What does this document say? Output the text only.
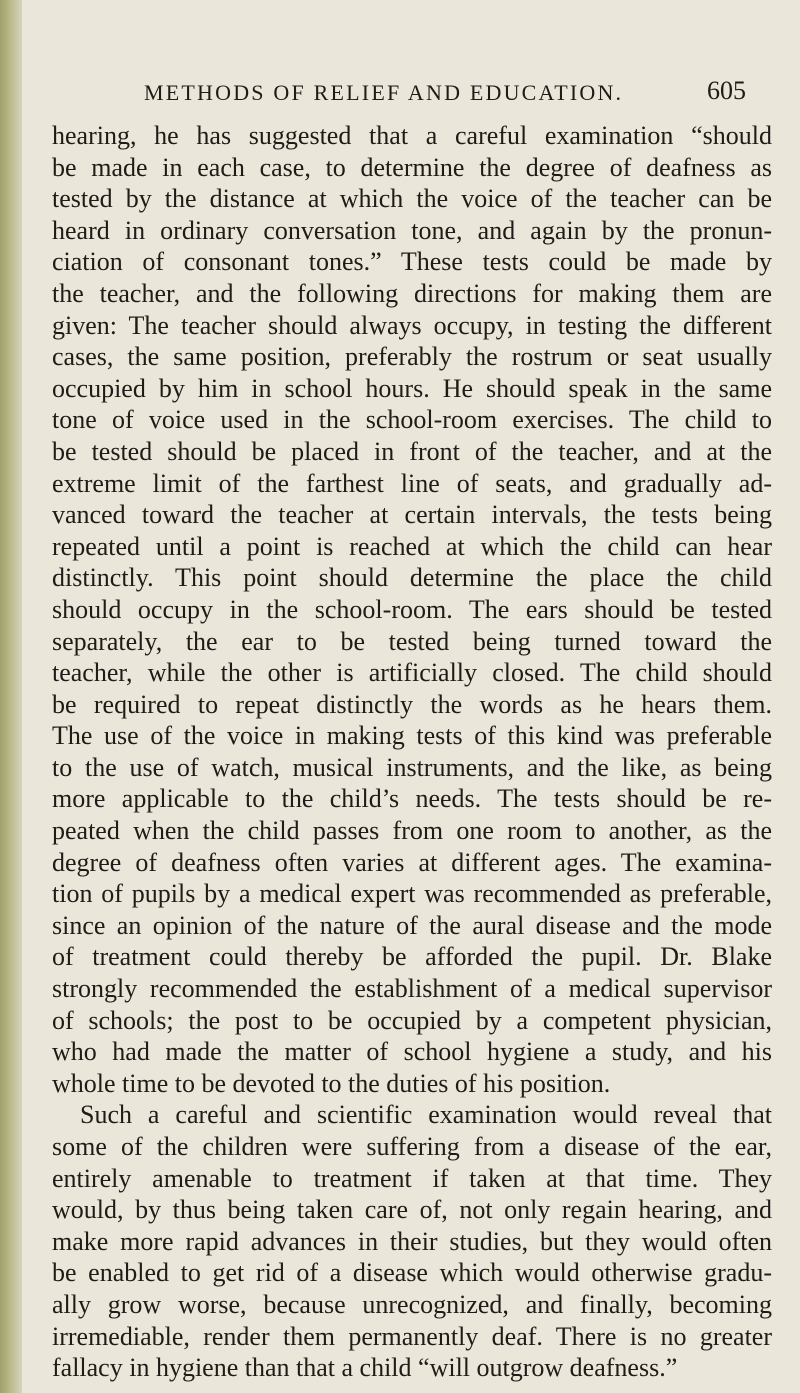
METHODS OF RELIEF AND EDUCATION.	605
hearing, he has suggested that a careful examination “should
be made in each case, to determine the degree of deafness as
tested by the distance at which the voice of the teacher can be
heard in ordinary conversation tone, and again by the pronun-
ciation of consonant tones.” These tests could be made by
the teacher, and the following directions for making them are
given: The teacher should always occupy, in testing the different
cases, the same position, preferably the rostrum or seat usually
occupied by him in school hours. He should speak in the same
tone of voice used in the school-room exercises. The child to
be tested should be placed in front of the teacher, and at the
extreme limit of the farthest line of seats, and gradually ad-
vanced toward the teacher at certain intervals, the tests being
repeated until a point is reached at which the child can hear
distinctly. This point should determine the place the child
should occupy in the school-room. The ears should be tested
separately, the ear to be tested being turned toward the
teacher, while the other is artificially closed. The child should
be required to repeat distinctly the words as he hears them.
The use of the voice in making tests of this kind was preferable
to the use of watch, musical instruments, and the like, as being
more applicable to the child’s needs. The tests should be re-
peated when the child passes from one room to another, as the
degree of deafness often varies at different ages. The examina-
tion of pupils by a medical expert was recommended as preferable,
since an opinion of the nature of the aural disease and the mode
of treatment could thereby be afforded the pupil. Dr. Blake
strongly recommended the establishment of a medical supervisor
of schools; the post to be occupied by a competent physician,
who had made the matter of school hygiene a study, and his
whole time to be devoted to the duties of his position.
Such a careful and scientific examination would reveal that
some of the children were suffering from a disease of the ear,
entirely amenable to treatment if taken at that time. They
would, by thus being taken care of, not only regain hearing, and
make more rapid advances in their studies, but they would often
be enabled to get rid of a disease which would otherwise gradu-
ally grow worse, because unrecognized, and finally, becoming
irremediable, render them permanently deaf. There is no greater
fallacy in hygiene than that a child “will outgrow deafness.”
